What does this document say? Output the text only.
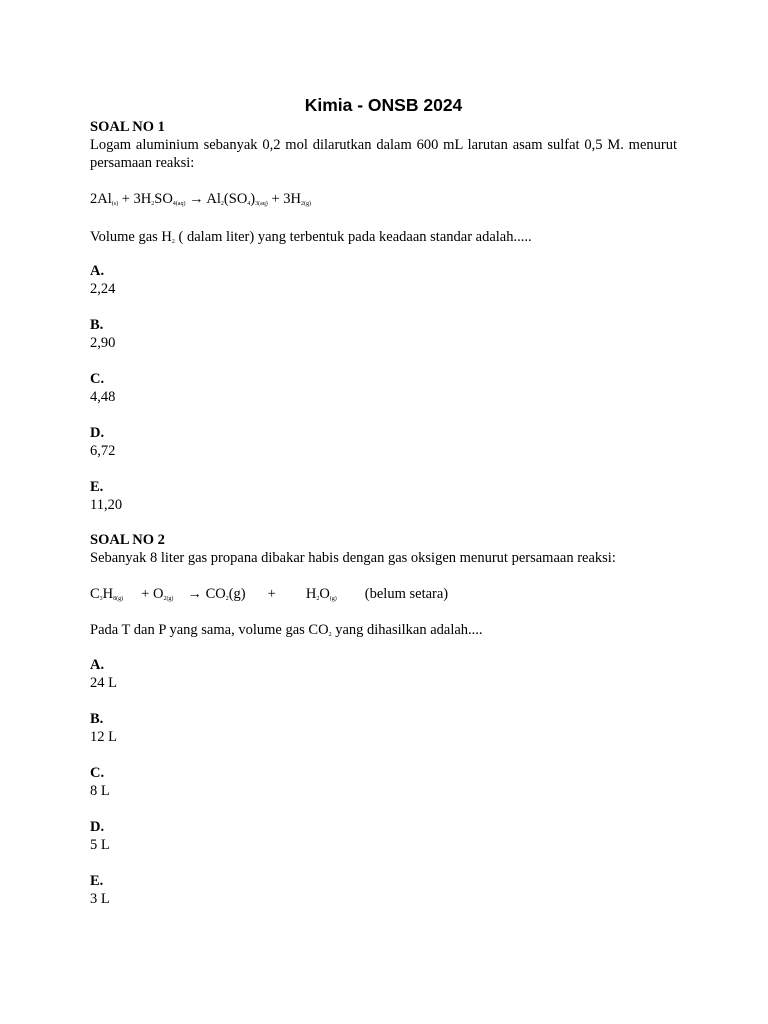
Kimia - ONSB 2024
SOAL NO 1
Logam aluminium sebanyak 0,2 mol dilarutkan dalam 600 mL larutan asam sulfat 0,5 M. menurut persamaan reaksi:
$2Al_{(s)} + 3H_2SO_{4(aq)} \to Al_2(SO_4)_{3(aq)} + 3H_{2(g)}$
Volume gas $H_2$ ( dalam liter) yang terbentuk pada keadaan standar adalah.....
A.
2,24
B.
2,90
C.
4,48
D.
6,72
E.
11,20
SOAL NO 2
Sebanyak 8 liter gas propana dibakar habis dengan gas oksigen menurut persamaan reaksi:
$C_3H_{8(g)} + O_{2(g)} \to CO_2(g) + H_2O_{(g)}$ (belum setara)
Pada T dan P yang sama, volume gas $CO_2$ yang dihasilkan adalah....
A.
24 L
B.
12 L
C.
8 L
D.
5 L
E.
3 L
